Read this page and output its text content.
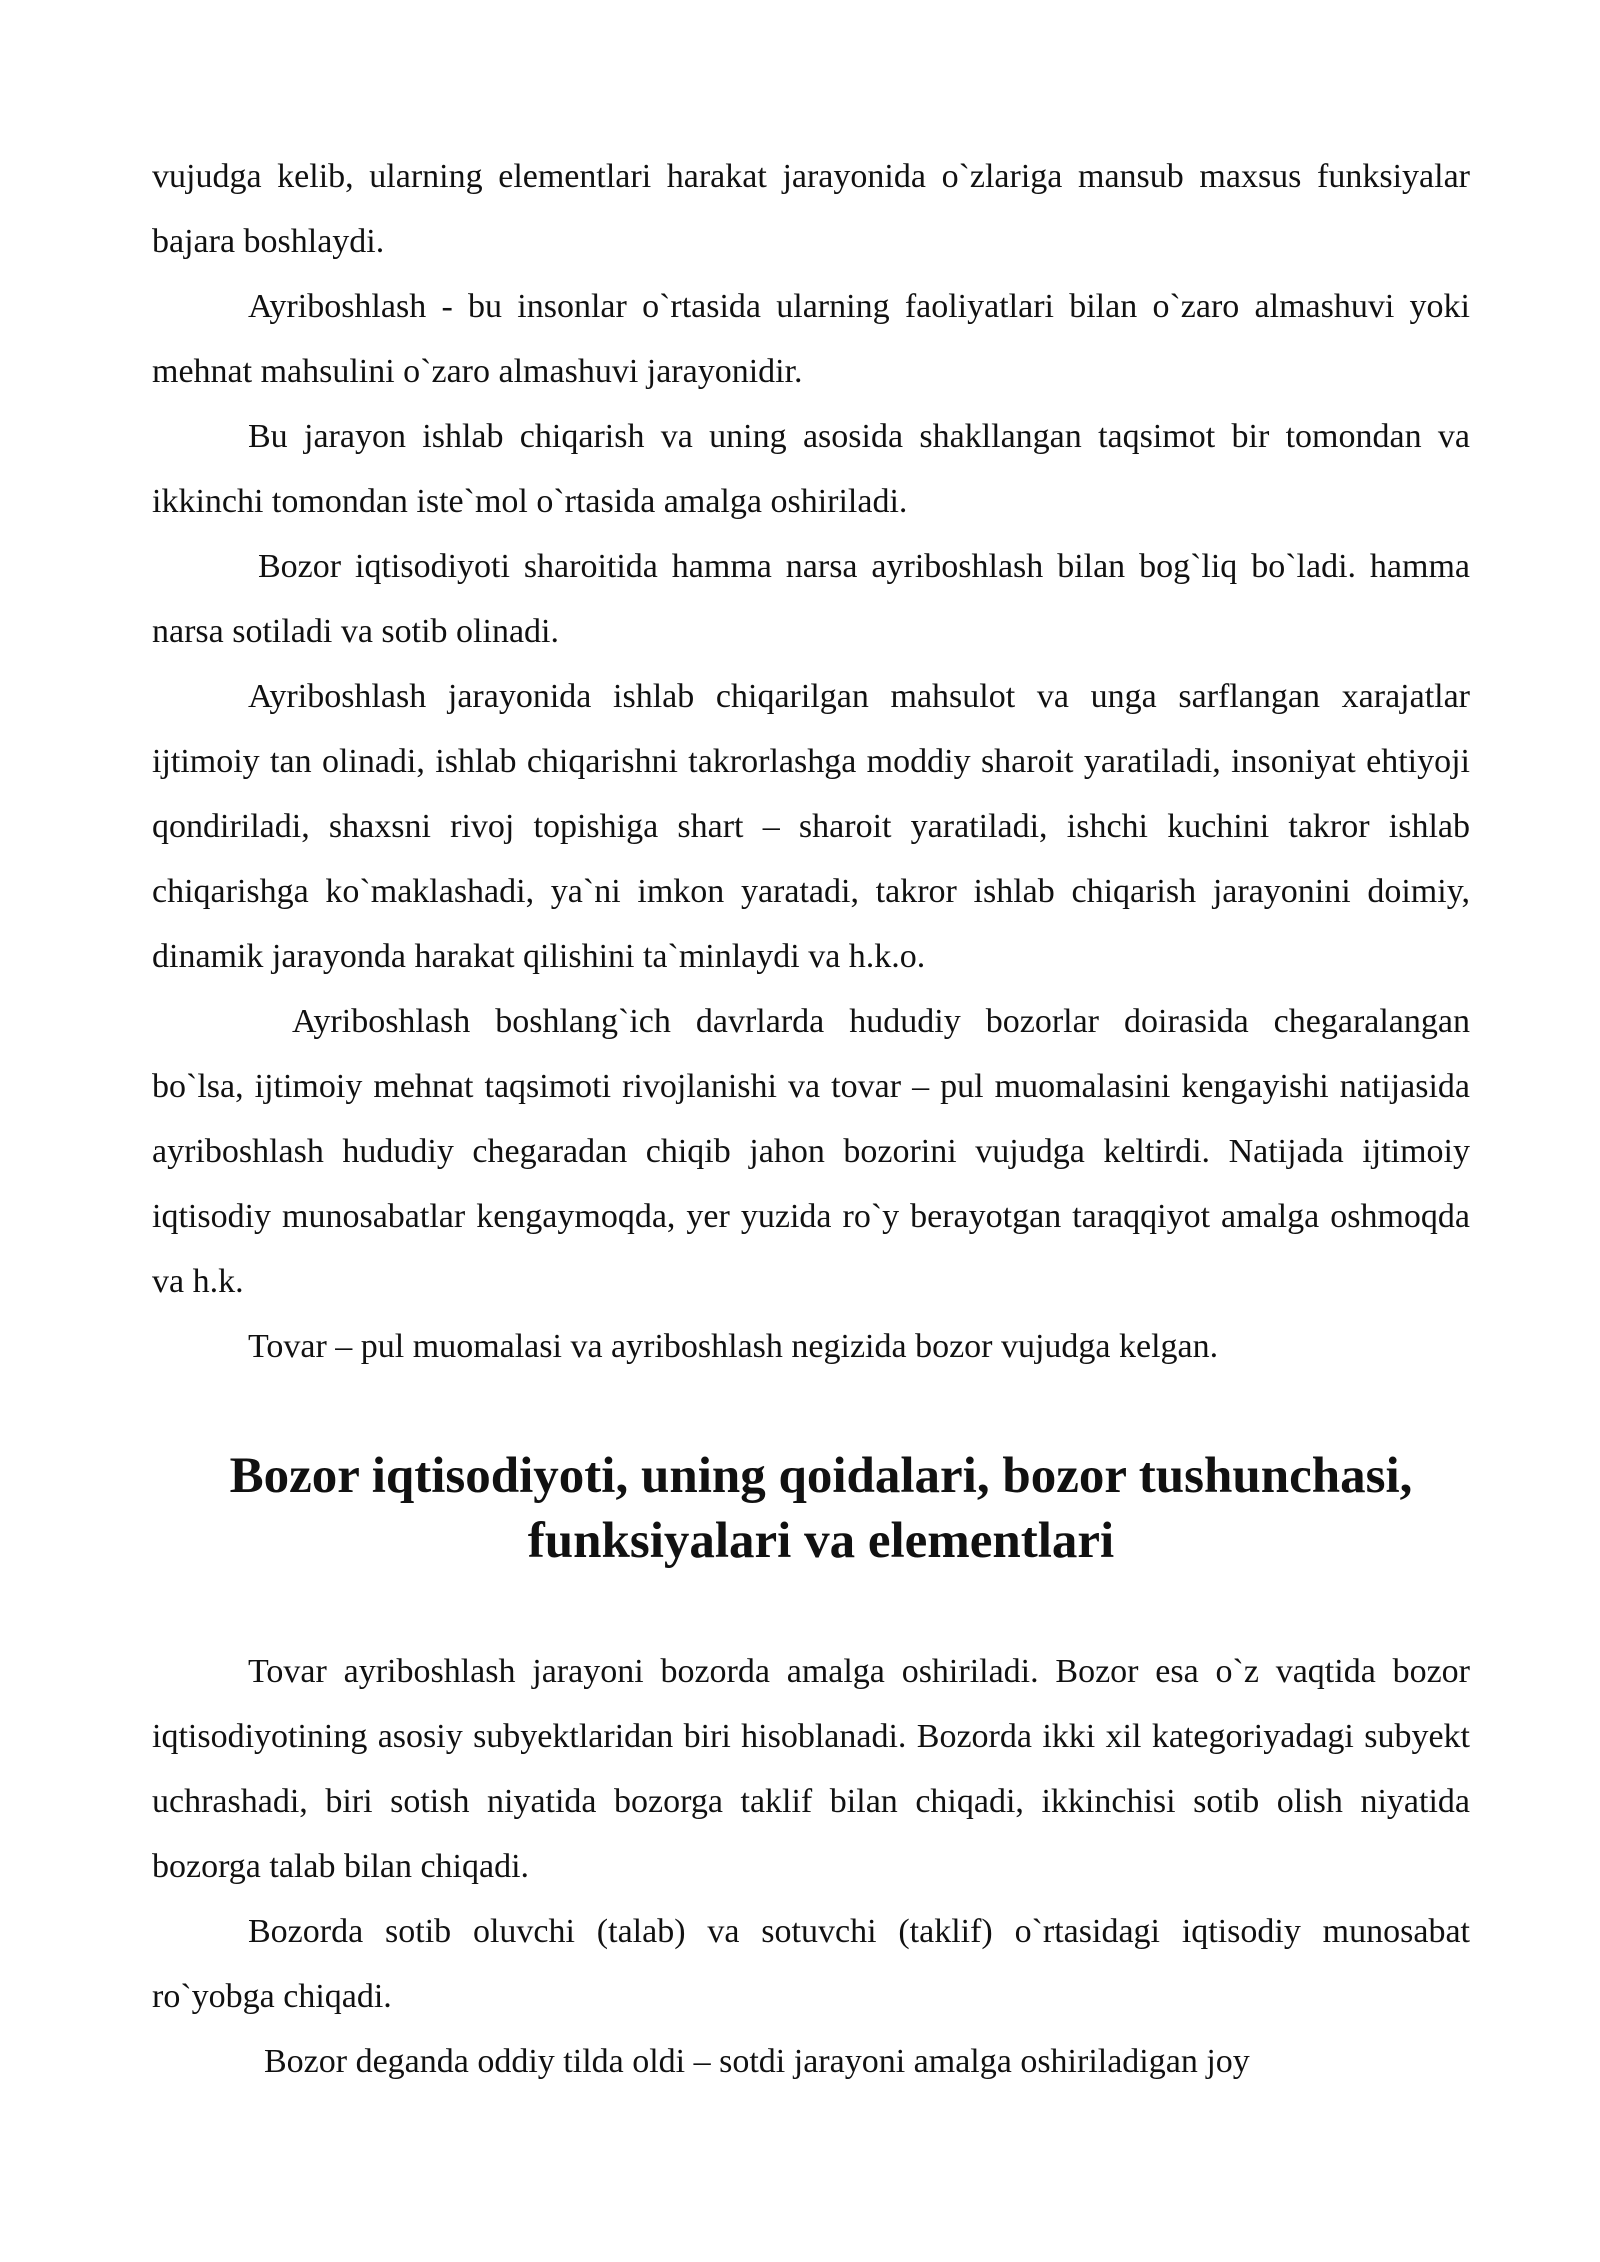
vujudga kelib, ularning elementlari harakat jarayonida o`zlariga mansub maxsus funksiyalar bajara boshlaydi.

Ayriboshlash - bu insonlar o`rtasida ularning faoliyatlari bilan o`zaro almashuvi yoki mehnat mahsulini o`zaro almashuvi jarayonidir.

Bu jarayon ishlab chiqarish va uning asosida shakllangan taqsimot bir tomondan va ikkinchi tomondan iste`mol o`rtasida amalga oshiriladi.

Bozor iqtisodiyoti sharoitida hamma narsa ayriboshlash bilan bog`liq bo`ladi. hamma narsa sotiladi va sotib olinadi.

Ayriboshlash jarayonida ishlab chiqarilgan mahsulot va unga sarflangan xarajatlar ijtimoiy tan olinadi, ishlab chiqarishni takrorlashga moddiy sharoit yaratiladi, insoniyat ehtiyoji qondiriladi, shaxsni rivoj topishiga shart – sharoit yaratiladi, ishchi kuchini takror ishlab chiqarishga ko`maklashadi, ya`ni imkon yaratadi, takror ishlab chiqarish jarayonini doimiy, dinamik jarayonda harakat qilishini ta`minlaydi va h.k.o.

Ayriboshlash boshlang`ich davrlarda hududiy bozorlar doirasida chegaralangan bo`lsa, ijtimoiy mehnat taqsimoti rivojlanishi va tovar – pul muomalasini kengayishi natijasida ayriboshlash hududiy chegaradan chiqib jahon bozorini vujudga keltirdi. Natijada ijtimoiy iqtisodiy munosabatlar kengaymoqda, yer yuzida ro`y berayotgan taraqqiyot amalga oshmoqda va h.k.

Tovar – pul muomalasi va ayriboshlash negizida bozor vujudga kelgan.

Bozor iqtisodiyoti, uning qoidalari, bozor tushunchasi, funksiyalari va elementlari

Tovar ayriboshlash jarayoni bozorda amalga oshiriladi. Bozor esa o`z vaqtida bozor iqtisodiyotining asosiy subyektlaridan biri hisoblanadi. Bozorda ikki xil kategoriyadagi subyekt uchrashadi, biri sotish niyatida bozorga taklif bilan chiqadi, ikkinchisi sotib olish niyatida bozorga talab bilan chiqadi.

Bozorda sotib oluvchi (talab) va sotuvchi (taklif) o`rtasidagi iqtisodiy munosabat ro`yobga chiqadi.

Bozor deganda oddiy tilda oldi – sotdi jarayoni amalga oshiriladigan joy
